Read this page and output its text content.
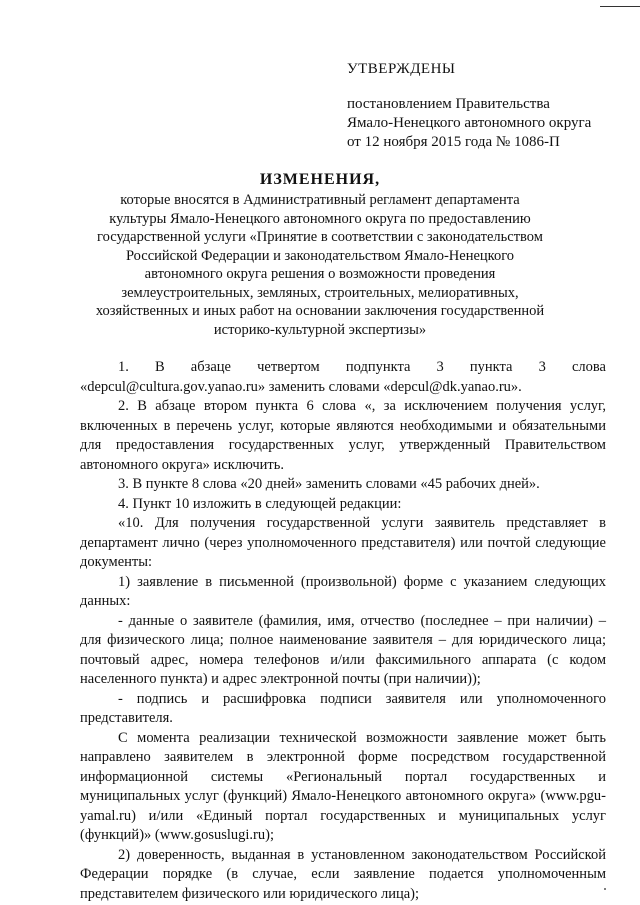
УТВЕРЖДЕНЫ
постановлением Правительства
Ямало-Ненецкого автономного округа
от 12 ноября 2015 года № 1086-П
ИЗМЕНЕНИЯ,
которые вносятся в Административный регламент департамента культуры Ямало-Ненецкого автономного округа по предоставлению государственной услуги «Принятие в соответствии с законодательством Российской Федерации и законодательством Ямало-Ненецкого автономного округа решения о возможности проведения землеустроительных, земляных, строительных, мелиоративных, хозяйственных и иных работ на основании заключения государственной историко-культурной экспертизы»

1. В абзаце четвертом подпункта 3 пункта 3 слова «depcul@cultura.gov.yanao.ru» заменить словами «depcul@dk.yanao.ru».

2. В абзаце втором пункта 6 слова «, за исключением получения услуг, включенных в перечень услуг, которые являются необходимыми и обязательными для предоставления государственных услуг, утвержденный Правительством автономного округа» исключить.

3. В пункте 8 слова «20 дней» заменить словами «45 рабочих дней».

4. Пункт 10 изложить в следующей редакции:

«10. Для получения государственной услуги заявитель представляет в департамент лично (через уполномоченного представителя) или почтой следующие документы:

1) заявление в письменной (произвольной) форме с указанием следующих данных:

- данные о заявителе (фамилия, имя, отчество (последнее – при наличии) – для физического лица; полное наименование заявителя – для юридического лица; почтовый адрес, номера телефонов и/или факсимильного аппарата (с кодом населенного пункта) и адрес электронной почты (при наличии));

- подпись и расшифровка подписи заявителя или уполномоченного представителя.

С момента реализации технической возможности заявление может быть направлено заявителем в электронной форме посредством государственной информационной системы «Региональный портал государственных и муниципальных услуг (функций) Ямало-Ненецкого автономного округа» (www.pgu-yamal.ru) и/или «Единый портал государственных и муниципальных услуг (функций)» (www.gosuslugi.ru);

2) доверенность, выданная в установленном законодательством Российской Федерации порядке (в случае, если заявление подается уполномоченным представителем физического или юридического лица);
